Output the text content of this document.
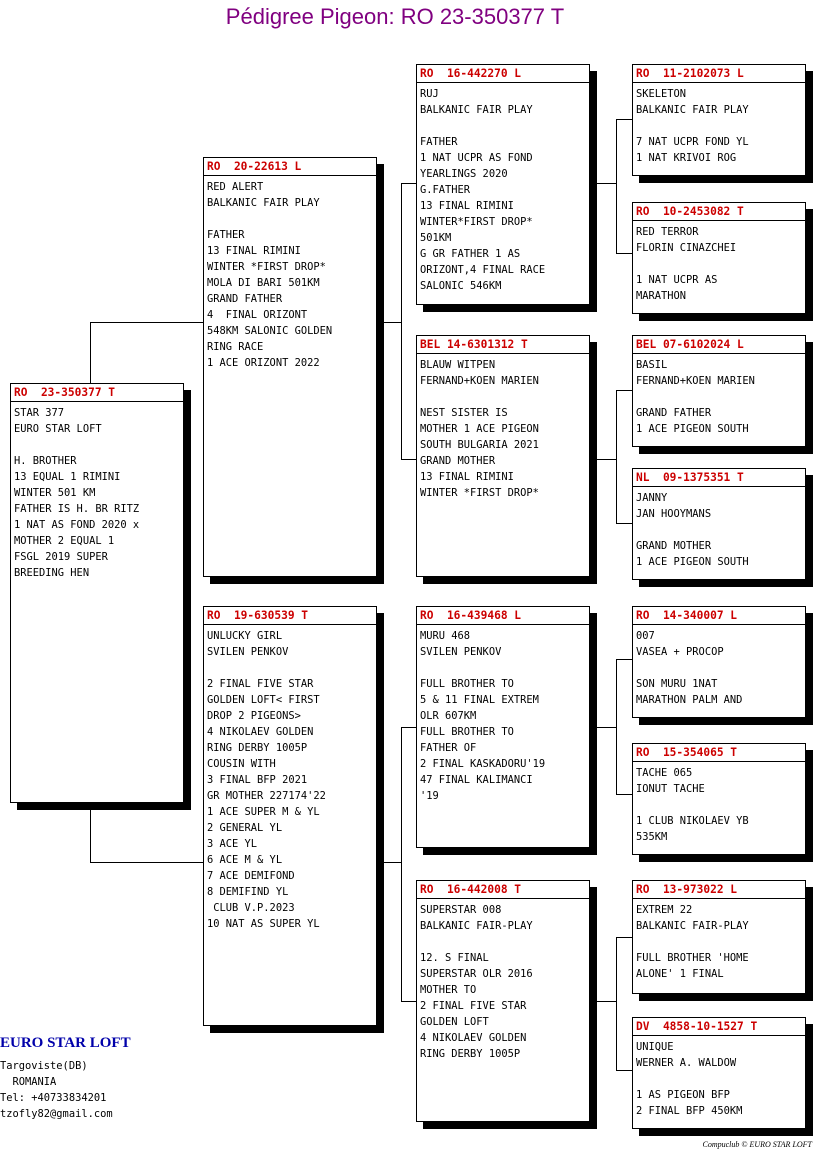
Pédigree Pigeon: RO 23-350377 T
RO  23-350377 T
STAR 377
EURO STAR LOFT

H. BROTHER
13 EQUAL 1 RIMINI
WINTER 501 KM
FATHER IS H. BR RITZ
1 NAT AS FOND 2020 x
MOTHER 2 EQUAL 1
FSGL 2019 SUPER
BREEDING HEN
RO  20-22613 L
RED ALERT
BALKANIC FAIR PLAY

FATHER
13 FINAL RIMINI
WINTER *FIRST DROP*
MOLA DI BARI 501KM
GRAND FATHER
4  FINAL ORIZONT
548KM SALONIC GOLDEN
RING RACE
1 ACE ORIZONT 2022
RO  19-630539 T
UNLUCKY GIRL
SVILEN PENKOV

2 FINAL FIVE STAR
GOLDEN LOFT< FIRST
DROP 2 PIGEONS>
4 NIKOLAEV GOLDEN
RING DERBY 1005P
COUSIN WITH
3 FINAL BFP 2021
GR MOTHER 227174'22
1 ACE SUPER M & YL
2 GENERAL YL
3 ACE YL
6 ACE M & YL
7 ACE DEMIFOND
8 DEMIFIND YL
CLUB V.P.2023
10 NAT AS SUPER YL
RO  16-442270 L
RUJ
BALKANIC FAIR PLAY

FATHER
1 NAT UCPR AS FOND
YEARLINGS 2020
G.FATHER
13 FINAL RIMINI
WINTER*FIRST DROP*
501KM
G GR FATHER 1 AS
ORIZONT,4 FINAL RACE
SALONIC 546KM
BEL 14-6301312 T
BLAUW WITPEN
FERNAND+KOEN MARIEN

NEST SISTER IS
MOTHER 1 ACE PIGEON
SOUTH BULGARIA 2021
GRAND MOTHER
13 FINAL RIMINI
WINTER *FIRST DROP*
RO  16-439468 L
MURU 468
SVILEN PENKOV

FULL BROTHER TO
5 & 11 FINAL EXTREM
OLR 607KM
FULL BROTHER TO
FATHER OF
2 FINAL KASKADORU'19
47 FINAL KALIMANCI
'19
RO  16-442008 T
SUPERSTAR 008
BALKANIC FAIR-PLAY

12. S FINAL
SUPERSTAR OLR 2016
MOTHER TO
2 FINAL FIVE STAR
GOLDEN LOFT
4 NIKOLAEV GOLDEN
RING DERBY 1005P
RO  11-2102073 L
SKELETON
BALKANIC FAIR PLAY

7 NAT UCPR FOND YL
1 NAT KRIVOI ROG
RO  10-2453082 T
RED TERROR
FLORIN CINAZCHEI

1 NAT UCPR AS
MARATHON
BEL 07-6102024 L
BASIL
FERNAND+KOEN MARIEN

GRAND FATHER
1 ACE PIGEON SOUTH
NL  09-1375351 T
JANNY
JAN HOOYMANS

GRAND MOTHER
1 ACE PIGEON SOUTH
RO  14-340007 L
007
VASEA + PROCOP

SON MURU 1NAT
MARATHON PALM AND
RO  15-354065 T
TACHE 065
IONUT TACHE

1 CLUB NIKOLAEV YB
535KM
RO  13-973022 L
EXTREM 22
BALKANIC FAIR-PLAY

FULL BROTHER 'HOME
ALONE' 1 FINAL
DV  4858-10-1527 T
UNIQUE
WERNER A. WALDOW

1 AS PIGEON BFP
2 FINAL BFP 450KM
EURO STAR LOFT
Targoviste(DB)
ROMANIA
Tel: +40733834201
tzofly82@gmail.com
Compuclub © EURO STAR LOFT
